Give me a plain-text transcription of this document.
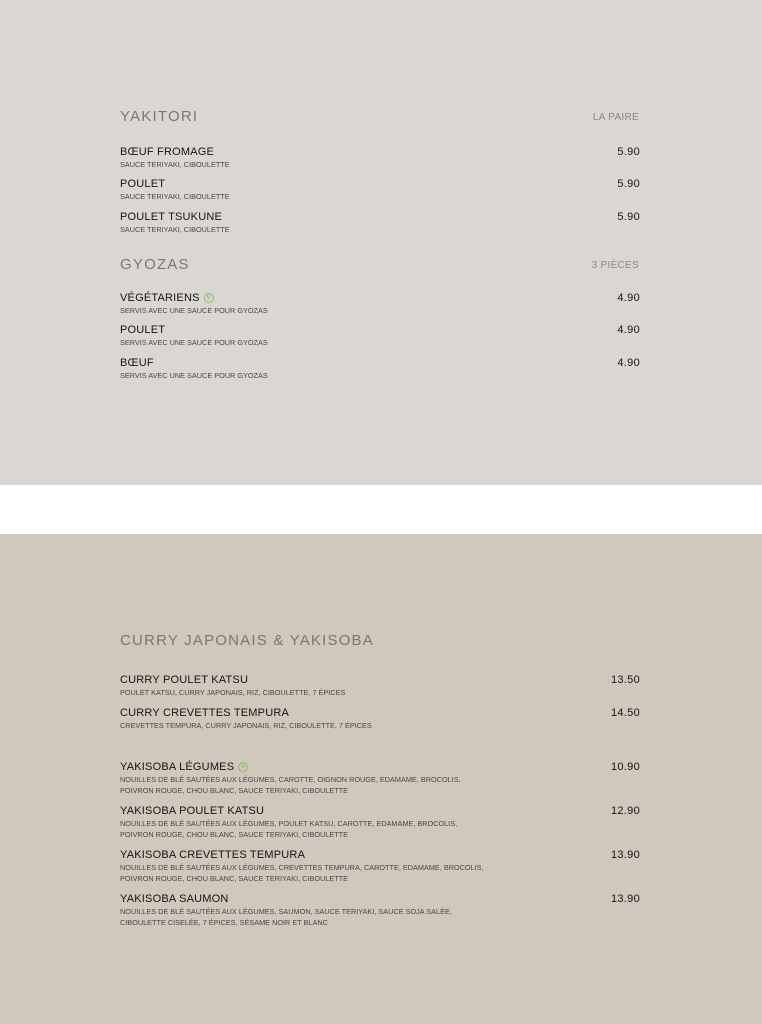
YAKITORI	LA PAIRE
BŒUF FROMAGE
SAUCE TERIYAKI, CIBOULETTE
5.90
POULET
SAUCE TERIYAKI, CIBOULETTE
5.90
POULET TSUKUNE
SAUCE TERIYAKI, CIBOULETTE
5.90
GYOZAS	3 PIÈCES
VÉGÉTARIENS V
SERVIS AVEC UNE SAUCE POUR GYOZAS
4.90
POULET
SERVIS AVEC UNE SAUCE POUR GYOZAS
4.90
BŒUF
SERVIS AVEC UNE SAUCE POUR GYOZAS
4.90
CURRY JAPONAIS & YAKISOBA
CURRY POULET KATSU
POULET KATSU, CURRY JAPONAIS, RIZ, CIBOULETTE, 7 ÉPICES
13.50
CURRY CREVETTES TEMPURA
CREVETTES TEMPURA, CURRY JAPONAIS, RIZ, CIBOULETTE, 7 ÉPICES
14.50
YAKISOBA LÉGUMES V
NOUILLES DE BLÉ SAUTÉES AUX LÉGUMES, CAROTTE, OIGNON ROUGE, EDAMAME, BROCOLIS,
POIVRON ROUGE, CHOU BLANC, SAUCE TERIYAKI, CIBOULETTE
10.90
YAKISOBA POULET KATSU
NOUILLES DE BLÉ SAUTÉES AUX LÉGUMES, POULET KATSU, CAROTTE, EDAMAME, BROCOLIS,
POIVRON ROUGE, CHOU BLANC, SAUCE TERIYAKI, CIBOULETTE
12.90
YAKISOBA CREVETTES TEMPURA
NOUILLES DE BLÉ SAUTÉES AUX LÉGUMES, CREVETTES TEMPURA, CAROTTE, EDAMAME, BROCOLIS,
POIVRON ROUGE, CHOU BLANC, SAUCE TERIYAKI, CIBOULETTE
13.90
YAKISOBA SAUMON
NOUILLES DE BLÉ SAUTÉES AUX LÉGUMES, SAUMON, SAUCE TERIYAKI, SAUCE SOJA SALÉE,
CIBOULETTE CISELÉE, 7 ÉPICES, SÉSAME NOIR ET BLANC
13.90
